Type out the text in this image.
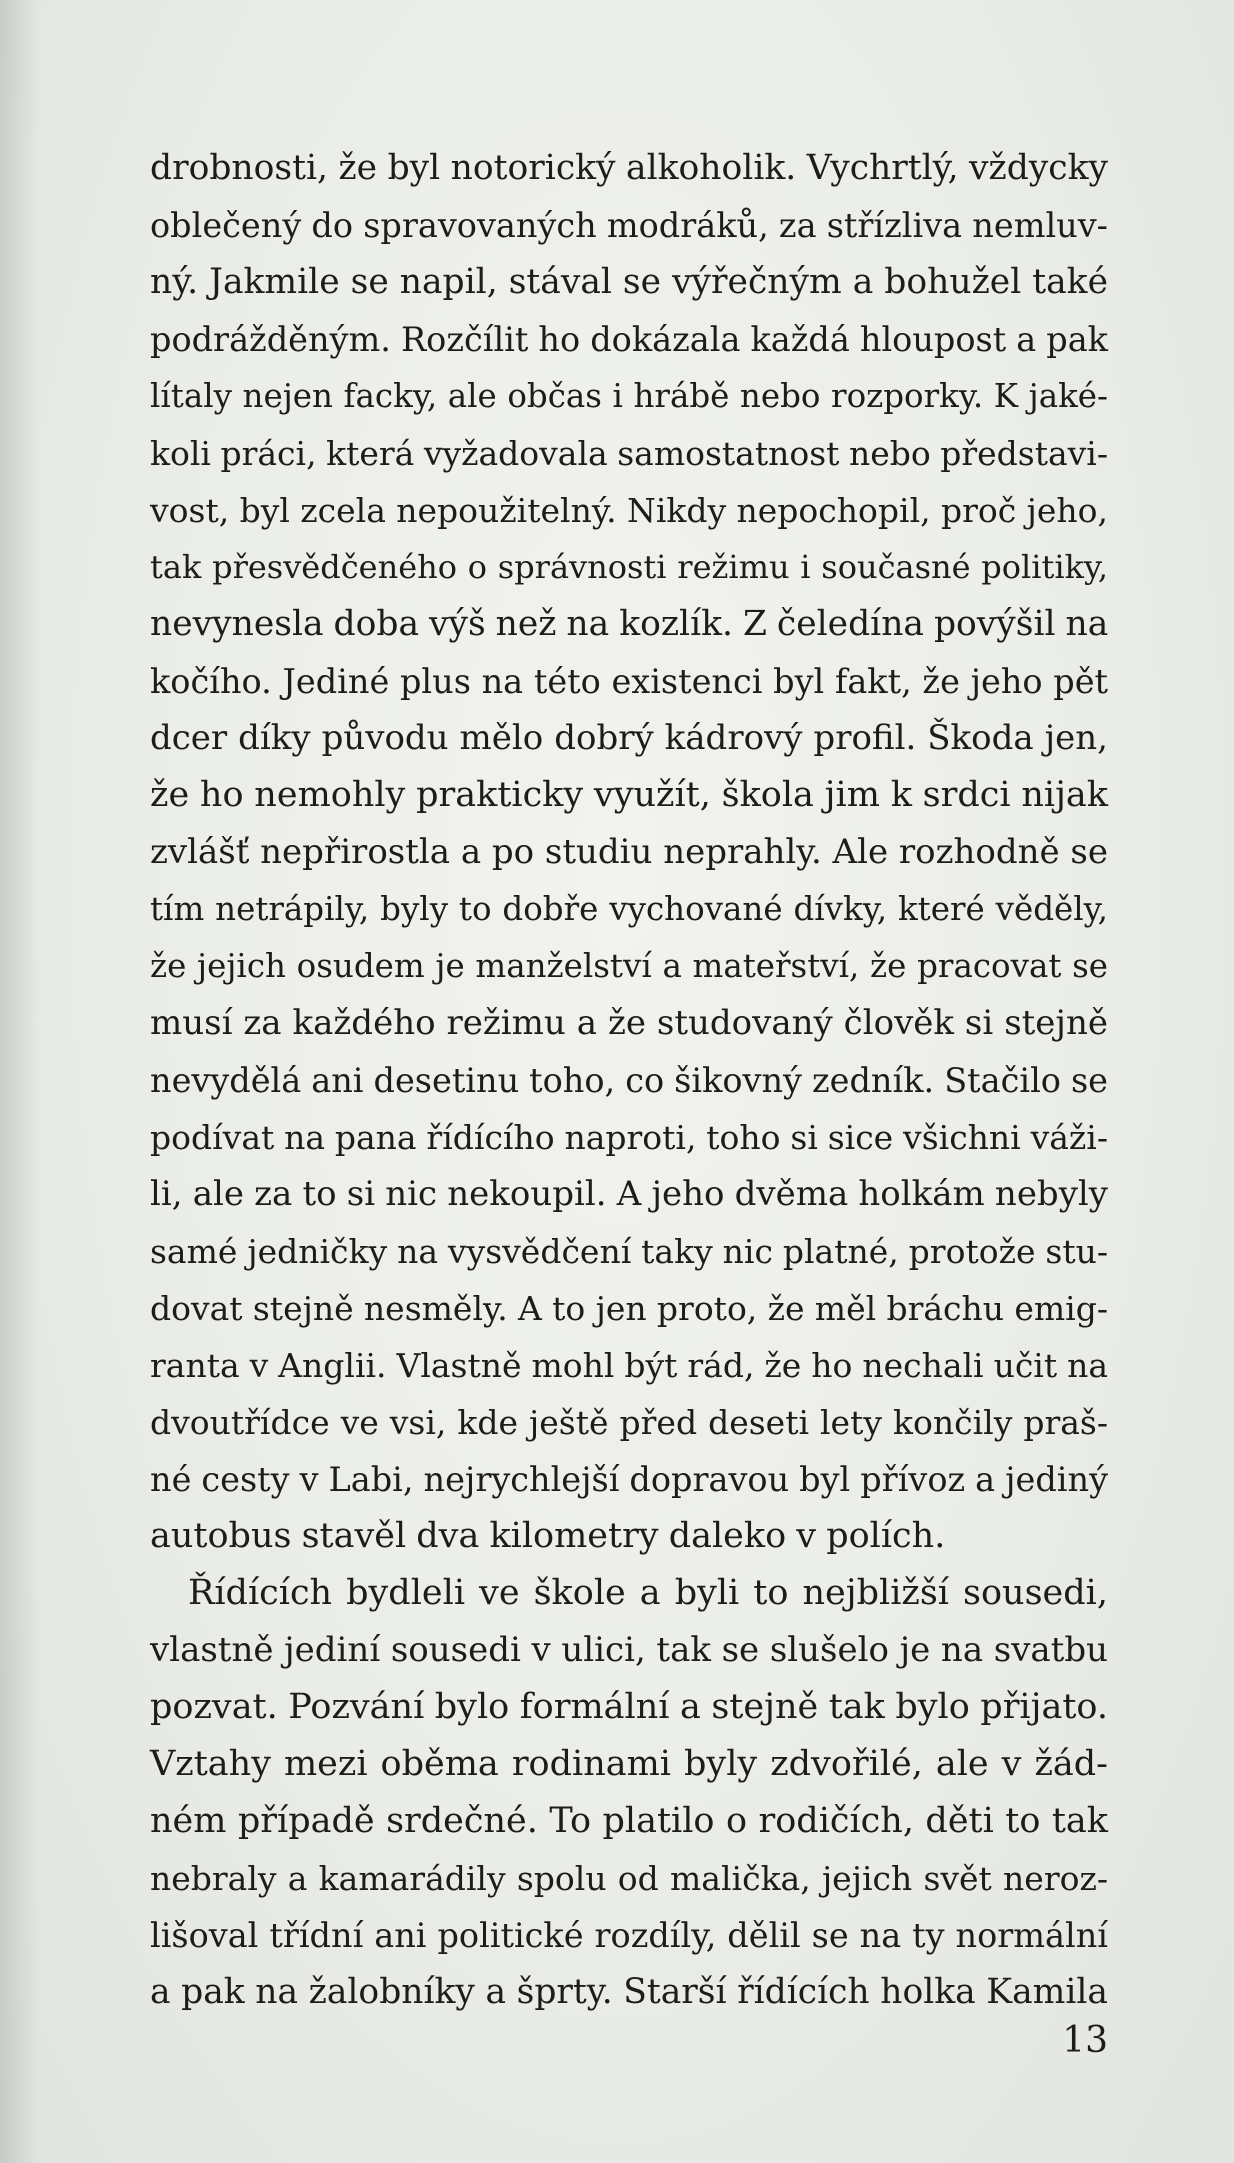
drobnosti, že byl notorický alkoholik. Vychrtlý, vždycky
oblečený do spravovaných modráků, za střízliva nemluv-
ný. Jakmile se napil, stával se výřečným a bohužel také
podrážděným. Rozčílit ho dokázala každá hloupost a pak
lítaly nejen facky, ale občas i hrábě nebo rozporky. K jaké-
koli práci, která vyžadovala samostatnost nebo představi-
vost, byl zcela nepoužitelný. Nikdy nepochopil, proč jeho,
tak přesvědčeného o správnosti režimu i současné politiky,
nevynesla doba výš než na kozlík. Z čeledína povýšil na
kočího. Jediné plus na této existenci byl fakt, že jeho pět
dcer díky původu mělo dobrý kádrový profil. Škoda jen,
že ho nemohly prakticky využít, škola jim k srdci nijak
zvlášť nepřirostla a po studiu neprahly. Ale rozhodně se
tím netrápily, byly to dobře vychované dívky, které věděly,
že jejich osudem je manželství a mateřství, že pracovat se
musí za každého režimu a že studovaný člověk si stejně
nevydělá ani desetinu toho, co šikovný zedník. Stačilo se
podívat na pana řídícího naproti, toho si sice všichni váži-
li, ale za to si nic nekoupil. A jeho dvěma holkám nebyly
samé jedničky na vysvědčení taky nic platné, protože stu-
dovat stejně nesměly. A to jen proto, že měl bráchu emig-
ranta v Anglii. Vlastně mohl být rád, že ho nechali učit na
dvoutřídce ve vsi, kde ještě před deseti lety končily praš-
né cesty v Labi, nejrychlejší dopravou byl přívoz a jediný
autobus stavěl dva kilometry daleko v polích.
Řídících bydleli ve škole a byli to nejbližší sousedi,
vlastně jediní sousedi v ulici, tak se slušelo je na svatbu
pozvat. Pozvání bylo formální a stejně tak bylo přijato.
Vztahy mezi oběma rodinami byly zdvořilé, ale v žád-
ném případě srdečné. To platilo o rodičích, děti to tak
nebraly a kamarádily spolu od malička, jejich svět neroz-
lišoval třídní ani politické rozdíly, dělil se na ty normální
a pak na žalobníky a šprty. Starší řídících holka Kamila
13
